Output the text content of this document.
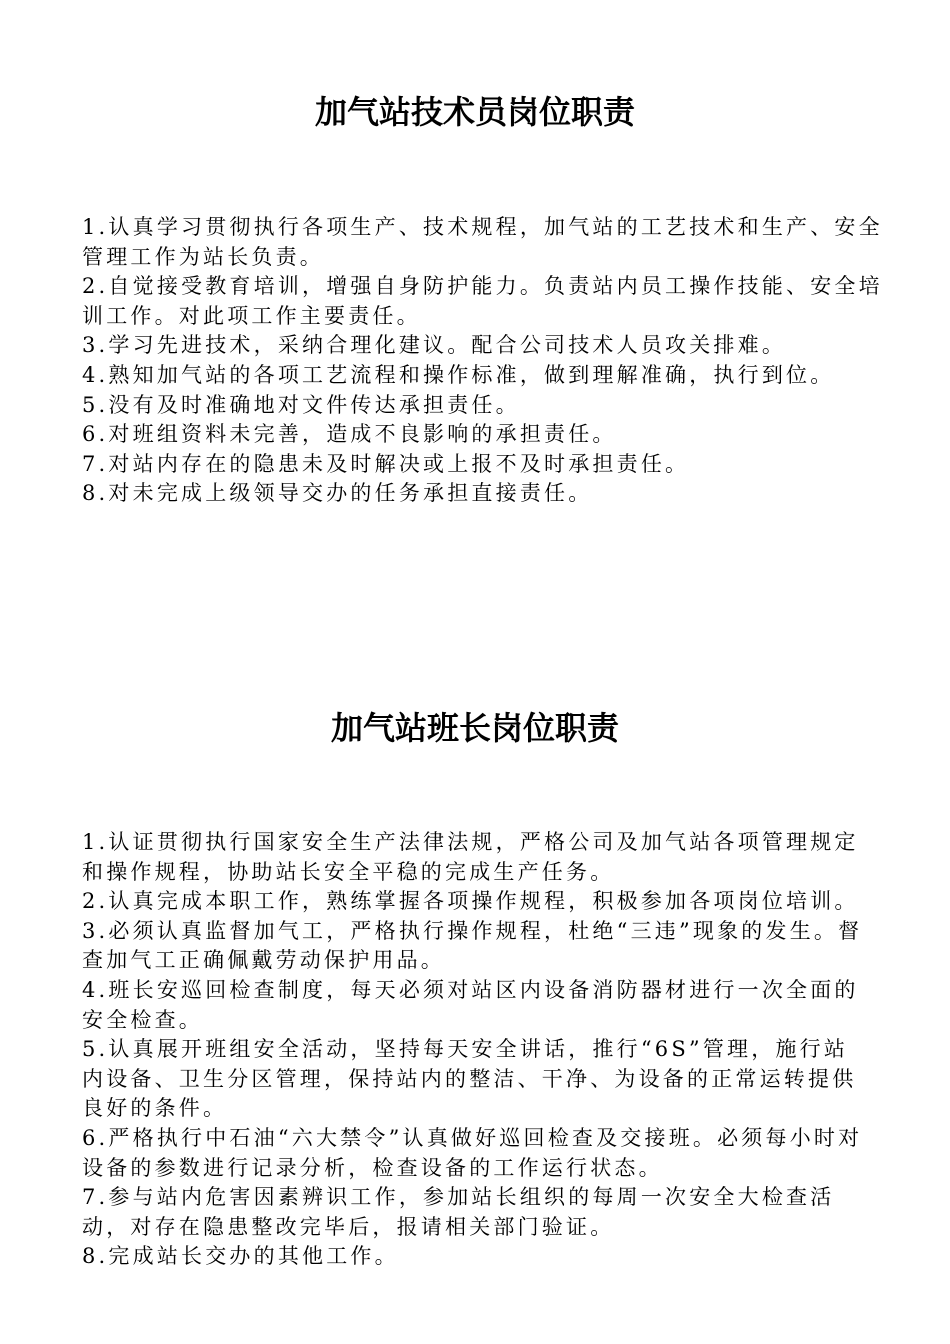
加气站技术员岗位职责
1.认真学习贯彻执行各项生产、技术规程，加气站的工艺技术和生产、安全管理工作为站长负责。
2.自觉接受教育培训，增强自身防护能力。负责站内员工操作技能、安全培训工作。对此项工作主要责任。
3.学习先进技术，采纳合理化建议。配合公司技术人员攻关排难。
4.熟知加气站的各项工艺流程和操作标准，做到理解准确，执行到位。
5.没有及时准确地对文件传达承担责任。
6.对班组资料未完善，造成不良影响的承担责任。
7.对站内存在的隐患未及时解决或上报不及时承担责任。
8.对未完成上级领导交办的任务承担直接责任。
加气站班长岗位职责
1.认证贯彻执行国家安全生产法律法规，严格公司及加气站各项管理规定和操作规程，协助站长安全平稳的完成生产任务。
2.认真完成本职工作，熟练掌握各项操作规程，积极参加各项岗位培训。
3.必须认真监督加气工，严格执行操作规程，杜绝“三违”现象的发生。督查加气工正确佩戴劳动保护用品。
4.班长安巡回检查制度，每天必须对站区内设备消防器材进行一次全面的安全检查。
5.认真展开班组安全活动，坚持每天安全讲话，推行“6S”管理，施行站内设备、卫生分区管理，保持站内的整洁、干净、为设备的正常运转提供良好的条件。
6.严格执行中石油“六大禁令”认真做好巡回检查及交接班。必须每小时对设备的参数进行记录分析，检查设备的工作运行状态。
7.参与站内危害因素辨识工作，参加站长组织的每周一次安全大检查活动，对存在隐患整改完毕后，报请相关部门验证。
8.完成站长交办的其他工作。
